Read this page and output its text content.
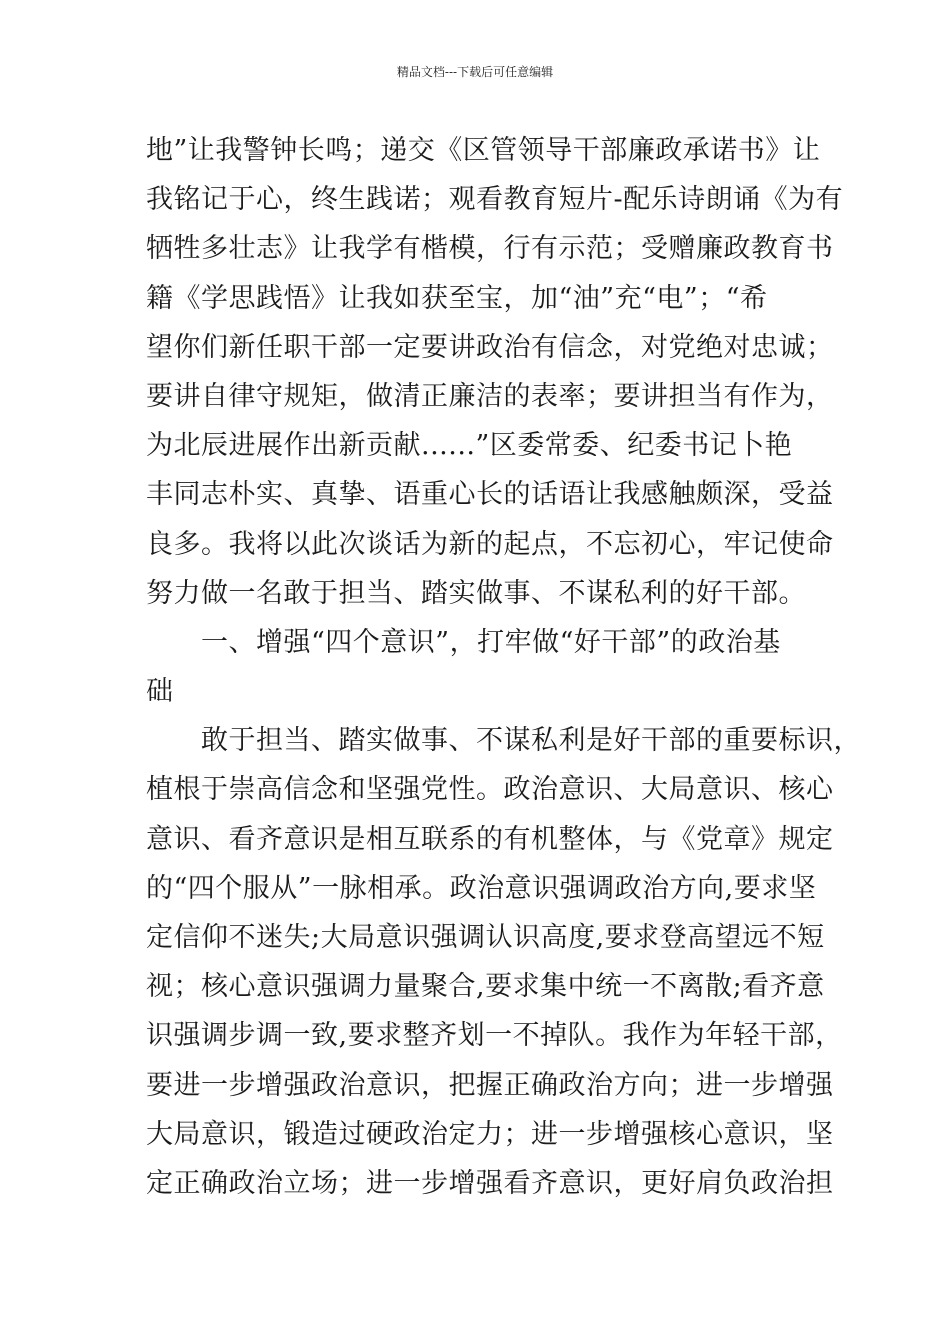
精品文档---下载后可任意编辑
地”让我警钟长鸣；递交《区管领导干部廉政承诺书》让
我铭记于心，终生践诺；观看教育短片-配乐诗朗诵《为有
牺牲多壮志》让我学有楷模，行有示范；受赠廉政教育书
籍《学思践悟》让我如获至宝，加“油”充“电”；“希
望你们新任职干部一定要讲政治有信念，对党绝对忠诚；
要讲自律守规矩，做清正廉洁的表率；要讲担当有作为，
为北辰进展作出新贡献......”区委常委、纪委书记卜艳
丰同志朴实、真挚、语重心长的话语让我感触颇深，受益
良多。我将以此次谈话为新的起点，不忘初心，牢记使命
努力做一名敢于担当、踏实做事、不谋私利的好干部。
　　一、增强“四个意识”，打牢做“好干部”的政治基
础
　　敢于担当、踏实做事、不谋私利是好干部的重要标识，
植根于崇高信念和坚强党性。政治意识、大局意识、核心
意识、看齐意识是相互联系的有机整体，与《党章》规定
的“四个服从”一脉相承。政治意识强调政治方向,要求坚
定信仰不迷失;大局意识强调认识高度,要求登高望远不短
视；核心意识强调力量聚合,要求集中统一不离散;看齐意
识强调步调一致,要求整齐划一不掉队。我作为年轻干部，
要进一步增强政治意识，把握正确政治方向；进一步增强
大局意识，锻造过硬政治定力；进一步增强核心意识，坚
定正确政治立场；进一步增强看齐意识，更好肩负政治担
